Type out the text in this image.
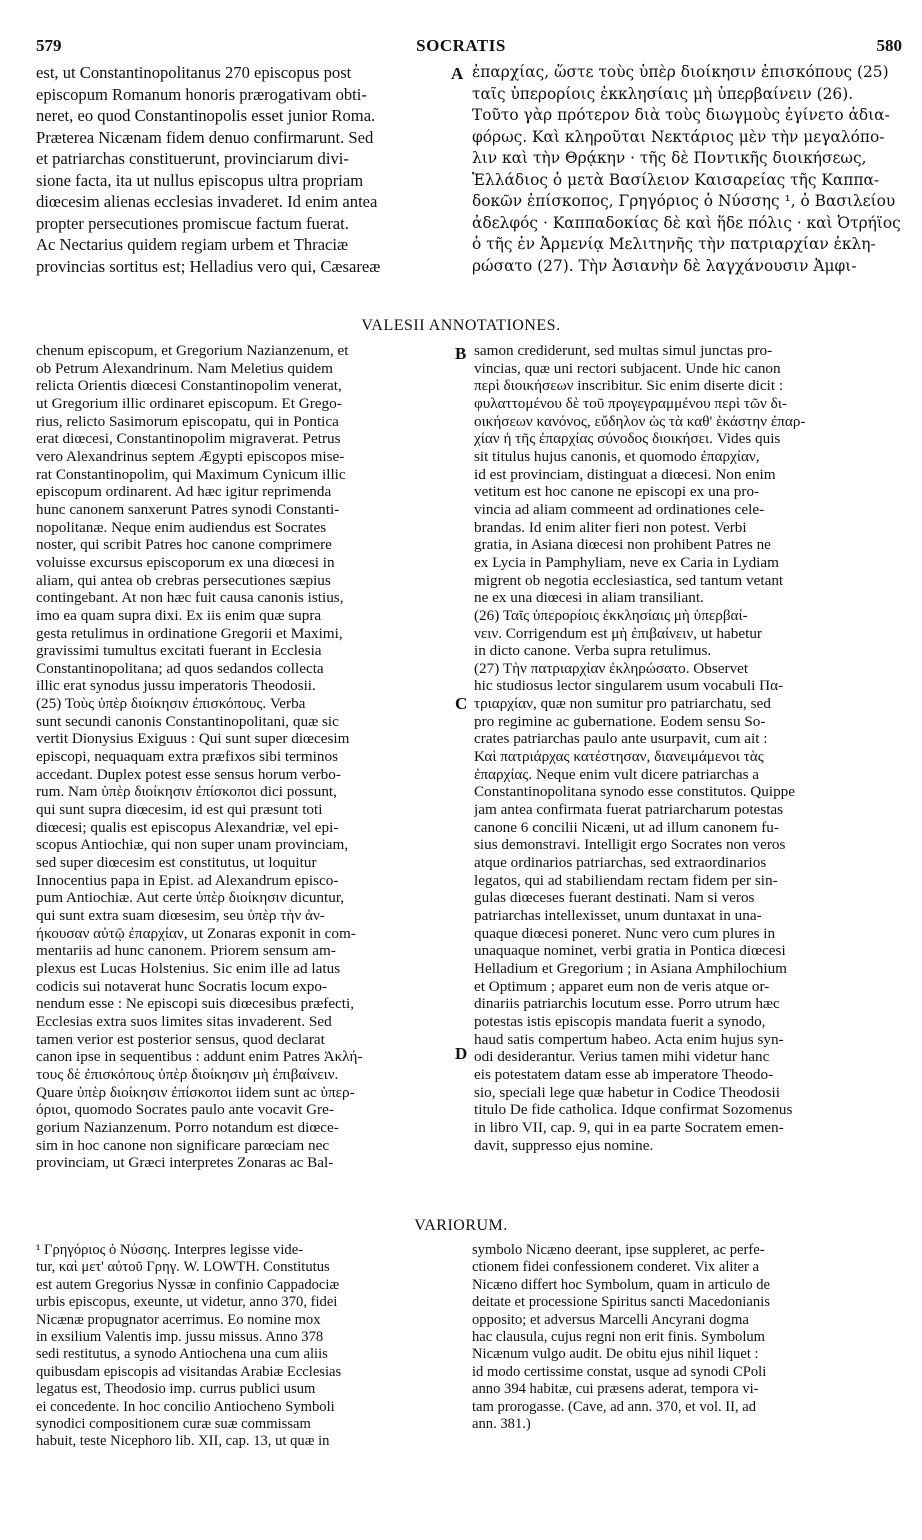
579	SOCRATIS	580
est, ut Constantinopolitanus 270 episcopus post
episcopum Romanum honoris prærogativam obti-
neret, eo quod Constantinopolis esset junior Roma.
Præterea Nicænam fidem denuo confirmarunt. Sed
et patriarchas constituerunt, provinciarum divi-
sione facta, ita ut nullus episcopus ultra propriam
diœcesim alienas ecclesias invaderet. Id enim antea
propter persecutiones promiscue factum fuerat.
Ac Nectarius quidem regiam urbem et Thraciæ
provincias sortitus est; Helladius vero qui, Cæsareæ
A ἐπαρχίας, ὥστε τοὺς ὑπὲρ διοίκησιν ἐπισκόπους (25)
ταῖς ὑπερορίοις ἐκκλησίαις μὴ ὑπερβαίνειν (26).
Τοῦτο γὰρ πρότερον διὰ τοὺς διωγμοὺς ἐγίνετο ἀδια-
φόρως. Καὶ κληροῦται Νεκτάριος μὲν τὴν μεγαλόπο-
λιν καὶ τὴν Θρᾴκην · τῆς δὲ Ποντικῆς διοικήσεως,
Ἑλλάδιος ὁ μετὰ Βασίλειον Καισαρείας τῆς Καππα-
δοκῶν ἐπίσκοπος, Γρηγόριος ὁ Νύσσης ¹, ὁ Βασιλείου
ἀδελφός · Καππαδοκίας δὲ καὶ ἥδε πόλις · καὶ Ὀτρήϊος
ὁ τῆς ἐν Ἀρμενίᾳ Μελιτηνῆς τὴν πατριαρχίαν ἐκλη-
ρώσατο (27). Τὴν Ἀσιανὴν δὲ λαγχάνουσιν Ἀμφι-
VALESII ANNOTATIONES.
chenum episcopum, et Gregorium Nazianzenum, et
ob Petrum Alexandrinum. Nam Meletius quidem
relicta Orientis diœcesi Constantinopolim venerat,
ut Gregorium illic ordinaret episcopum. Et Grego-
rius, relicto Sasimorum episcopatu, qui in Pontica
erat diœcesi, Constantinopolim migraverat. Petrus
vero Alexandrinus septem Ægypti episcopos mise-
rat Constantinopolim, qui Maximum Cynicum illic
episcopum ordinarent. Ad hæc igitur reprimenda
hunc canonem sanxerunt Patres synodi Constanti-
nopolitanæ. Neque enim audiendus est Socrates
noster, qui scribit Patres hoc canone comprimere
voluisse excursus episcoporum ex una diœcesi in
aliam, qui antea ob crebras persecutiones sæpius
contingebant. At non hæc fuit causa canonis istius,
imo ea quam supra dixi. Ex iis enim quæ supra
gesta retulimus in ordinatione Gregorii et Maximi,
gravissimi tumultus excitati fuerant in Ecclesia
Constantinopolitana; ad quos sedandos collecta
illic erat synodus jussu imperatoris Theodosii.
(25) Τοὺς ὑπὲρ διοίκησιν ἐπισκόπους. Verba
sunt secundi canonis Constantinopolitani, quæ sic
vertit Dionysius Exiguus : Qui sunt super diœcesim
episcopi, nequaquam extra præfixos sibi terminos
accedant. Duplex potest esse sensus horum verbo-
rum. Nam ὑπὲρ διοίκησιν ἐπίσκοποι dici possunt,
qui sunt supra diœcesim, id est qui præsunt toti
diœcesi; qualis est episcopus Alexandriæ, vel epi-
scopus Antiochiæ, qui non super unam provinciam,
sed super diœcesim est constitutus, ut loquitur
Innocentius papa in Epist. ad Alexandrum episco-
pum Antiochiæ. Aut certe ὑπὲρ διοίκησιν dicuntur,
qui sunt extra suam diœsesim, seu ὑπὲρ τὴν ἀν-
ήκουσαν αὐτῷ ἐπαρχίαν, ut Zonaras exponit in com-
mentariis ad hunc canonem. Priorem sensum am-
plexus est Lucas Holstenius. Sic enim ille ad latus
codicis sui notaverat hunc Socratis locum expo-
nendum esse : Ne episcopi suis diœcesibus præfecti,
Ecclesias extra suos limites sitas invaderent. Sed
tamen verior est posterior sensus, quod declarat
canon ipse in sequentibus : addunt enim Patres Ἀκλή-
τους δὲ ἐπισκόπους ὑπὲρ διοίκησιν μὴ ἐπιβαίνειν.
Quare ὑπὲρ διοίκησιν ἐπίσκοποι iidem sunt ac ὑπερ-
όριοι, quomodo Socrates paulo ante vocavit Gre-
gorium Nazianzenum. Porro notandum est diœce-
sim in hoc canone non significare parœciam nec
provinciam, ut Græci interpretes Zonaras ac Bal-
B
C
D
samon crediderunt, sed multas simul junctas pro-
vincias, quæ uni rectori subjacent. Unde hic canon
περὶ διοικήσεων inscribitur. Sic enim diserte dicit :
φυλαττομένου δὲ τοῦ προγεγραμμένου περὶ τῶν δι-
οικήσεων κανόνος, εὔδηλον ὡς τὰ καθ' ἑκάστην ἐπαρ-
χίαν ἡ τῆς ἐπαρχίας σύνοδος διοικήσει. Vides quis
sit titulus hujus canonis, et quomodo ἐπαρχίαν,
id est provinciam, distinguat a diœcesi. Non enim
vetitum est hoc canone ne episcopi ex una pro-
vincia ad aliam commeent ad ordinationes cele-
brandas. Id enim aliter fieri non potest. Verbi
gratia, in Asiana diœcesi non prohibent Patres ne
ex Lycia in Pamphyliam, neve ex Caria in Lydiam
migrent ob negotia ecclesiastica, sed tantum vetant
ne ex una diœcesi in aliam transiliant.
(26) Ταῖς ὑπερορίοις ἐκκλησίαις μὴ ὑπερβαί-
νειν. Corrigendum est μὴ ἐπιβαίνειν, ut habetur
in dicto canone. Verba supra retulimus.
(27) Τὴν πατριαρχίαν ἐκληρώσατο. Observet
hic studiosus lector singularem usum vocabuli Πα-
τριαρχίαν, quæ non sumitur pro patriarchatu, sed
pro regimine ac gubernatione. Eodem sensu So-
crates patriarchas paulo ante usurpavit, cum ait :
Καὶ πατριάρχας κατέστησαν, διανειμάμενοι τὰς
ἐπαρχίας. Neque enim vult dicere patriarchas a
Constantinopolitana synodo esse constitutos. Quippe
jam antea confirmata fuerat patriarcharum potestas
canone 6 concilii Nicæni, ut ad illum canonem fu-
sius demonstravi. Intelligit ergo Socrates non veros
atque ordinarios patriarchas, sed extraordinarios
legatos, qui ad stabiliendam rectam fidem per sin-
gulas diœceses fuerant destinati. Nam si veros
patriarchas intellexisset, unum duntaxat in una-
quaque diœcesi poneret. Nunc vero cum plures in
unaquaque nominet, verbi gratia in Pontica diœcesi
Helladium et Gregorium ; in Asiana Amphilochium
et Optimum ; apparet eum non de veris atque or-
dinariis patriarchis locutum esse. Porro utrum hæc
potestas istis episcopis mandata fuerit a synodo,
haud satis compertum habeo. Acta enim hujus syn-
odi desiderantur. Verius tamen mihi videtur hanc
eis potestatem datam esse ab imperatore Theodo-
sio, speciali lege quæ habetur in Codice Theodosii
titulo De fide catholica. Idque confirmat Sozomenus
in libro VII, cap. 9, qui in ea parte Socratem emen-
davit, suppresso ejus nomine.
VARIORUM.
¹ Γρηγόριος ὁ Νύσσης. Interpres legisse vide-
tur, καὶ μετ' αὐτοῦ Γρηγ. W. LOWTH. Constitutus
est autem Gregorius Nyssæ in confinio Cappadociæ
urbis episcopus, exeunte, ut videtur, anno 370, fidei
Nicænæ propugnator acerrimus. Eo nomine mox
in exsilium Valentis imp. jussu missus. Anno 378
sedi restitutus, a synodo Antiochena una cum aliis
quibusdam episcopis ad visitandas Arabiæ Ecclesias
legatus est, Theodosio imp. currus publici usum
ei concedente. In hoc concilio Antiocheno Symboli
synodici compositionem curæ suæ commissam
habuit, teste Nicephoro lib. XII, cap. 13, ut quæ in
symbolo Nicæno deerant, ipse suppleret, ac perfe-
ctionem fidei confessionem conderet. Vix aliter a
Nicæno differt hoc Symbolum, quam in articulo de
deitate et processione Spiritus sancti Macedonianis
opposito; et adversus Marcelli Ancyrani dogma
hac clausula, cujus regni non erit finis. Symbolum
Nicænum vulgo audit. De obitu ejus nihil liquet :
id modo certissime constat, usque ad synodi CPoli
anno 394 habitæ, cui præsens aderat, tempora vi-
tam prorogasse. (Cave, ad ann. 370, et vol. II, ad
ann. 381.)
